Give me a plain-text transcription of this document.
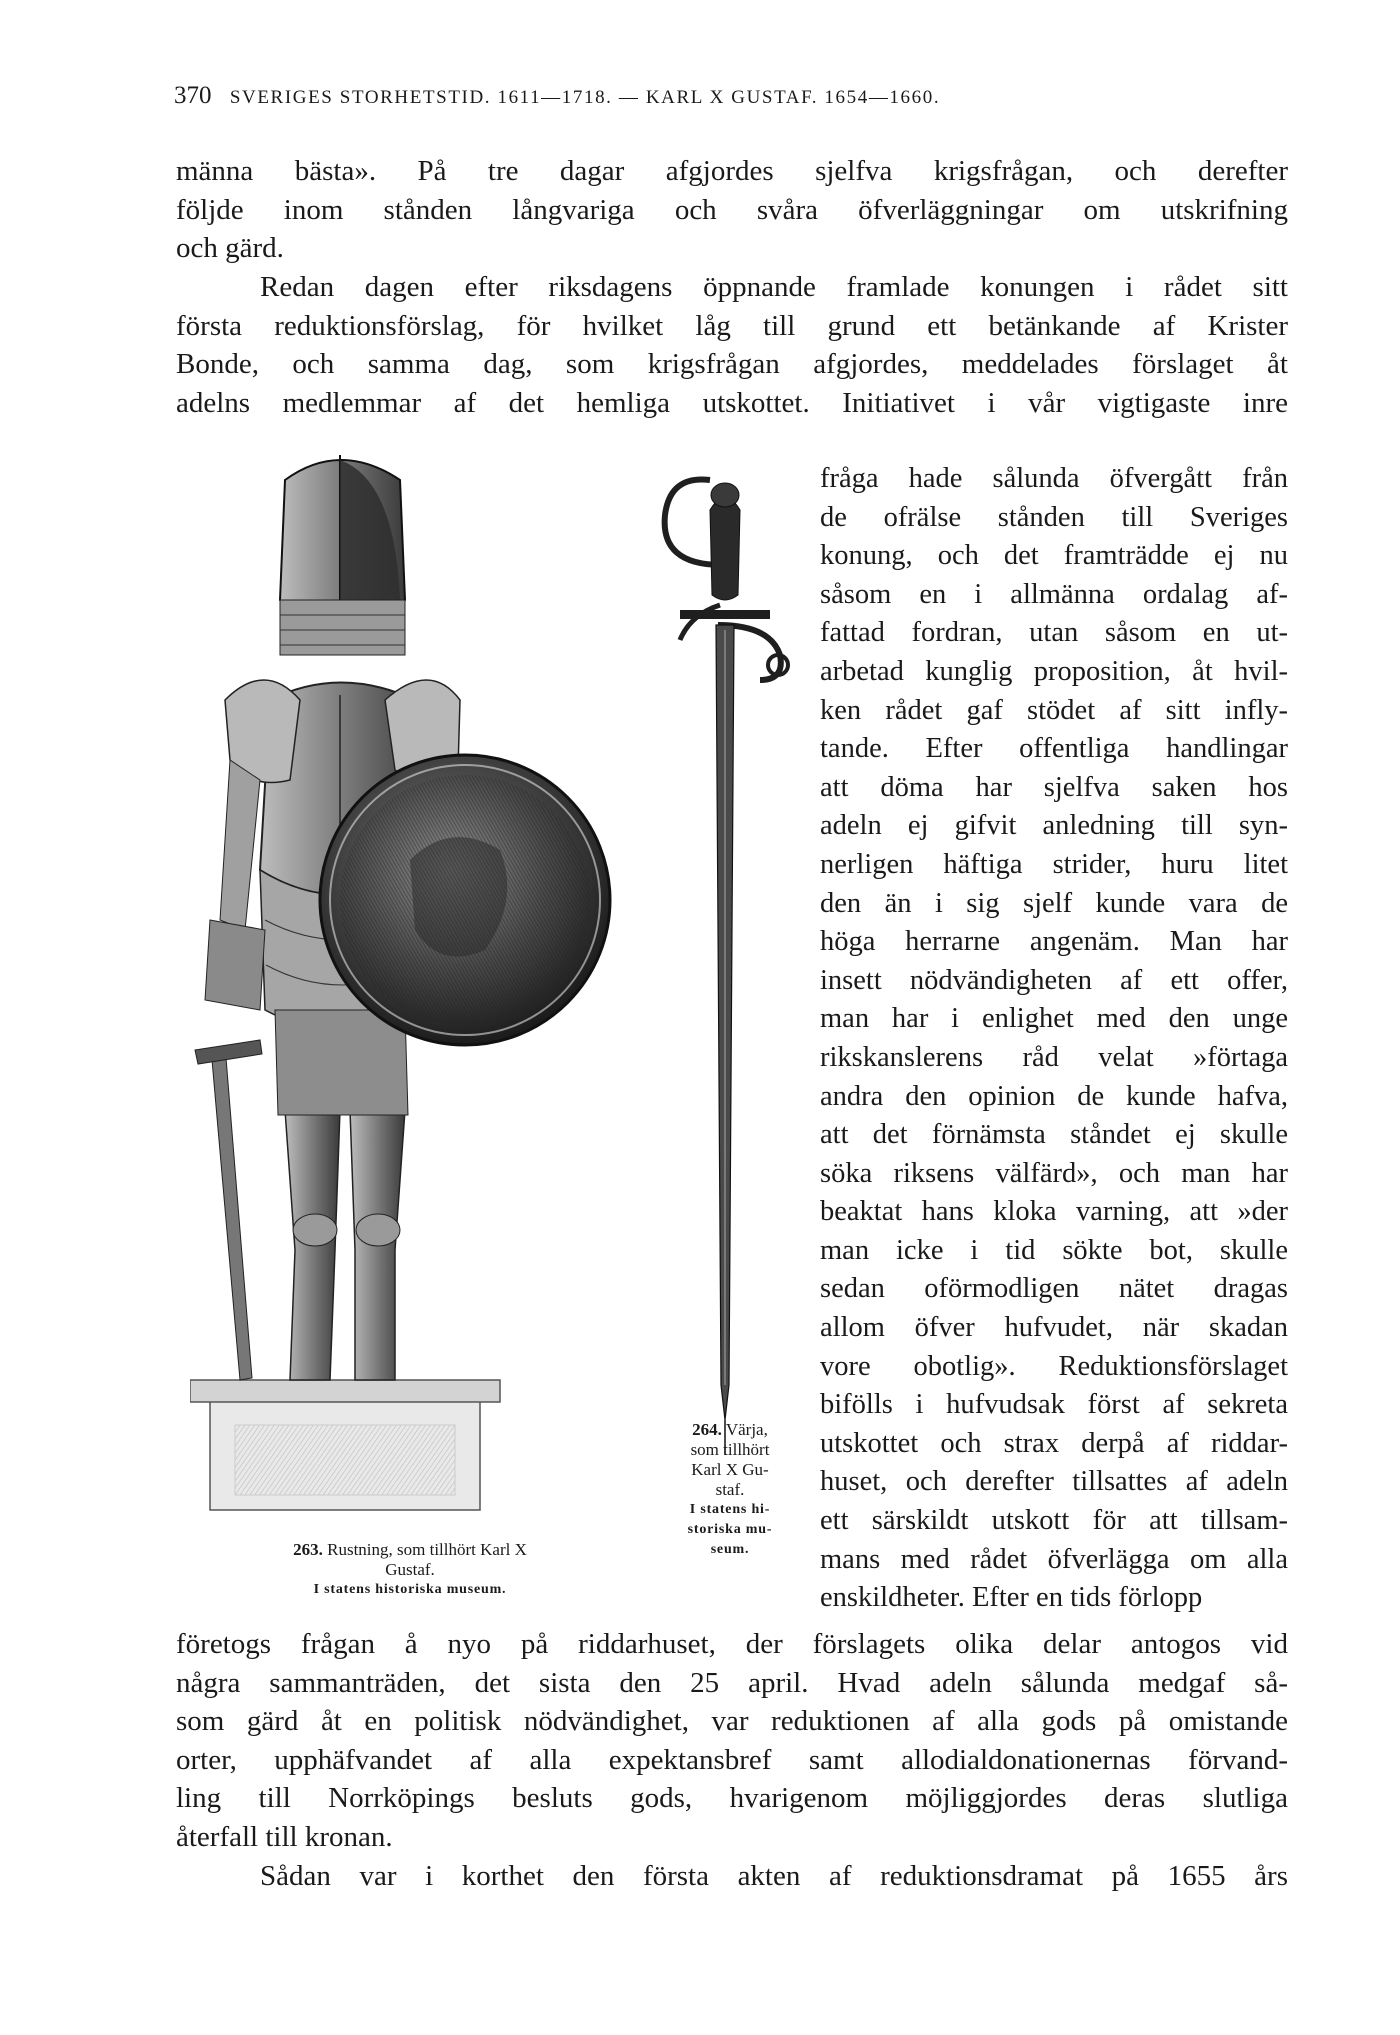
370 SVERIGES STORHETSTID. 1611—1718. — KARL X GUSTAF. 1654—1660.
männa bästa». På tre dagar afgjordes sjelfva krigsfrågan, och derefter
följde inom stånden långvariga och svåra öfverläggningar om utskrifning
och gärd.
Redan dagen efter riksdagens öppnande framlade konungen i rådet sitt
första reduktionsförslag, för hvilket låg till grund ett betänkande af Krister
Bonde, och samma dag, som krigsfrågan afgjordes, meddelades förslaget åt
adelns medlemmar af det hemliga utskottet. Initiativet i vår vigtigaste inre
fråga hade sålunda öfvergått från
de ofrälse stånden till Sveriges
konung, och det framträdde ej nu
såsom en i allmänna ordalag af-
fattad fordran, utan såsom en ut-
arbetad kunglig proposition, åt hvil-
ken rådet gaf stödet af sitt infly-
tande. Efter offentliga handlingar
att döma har sjelfva saken hos
adeln ej gifvit anledning till syn-
nerligen häftiga strider, huru litet
den än i sig sjelf kunde vara de
höga herrarne angenäm. Man har
insett nödvändigheten af ett offer,
man har i enlighet med den unge
rikskanslerens råd velat »förtaga
andra den opinion de kunde hafva,
att det förnämsta ståndet ej skulle
söka riksens välfärd», och man har
beaktat hans kloka varning, att »der
man icke i tid sökte bot, skulle
sedan oförmodligen nätet dragas
allom öfver hufvudet, när skadan
vore obotlig». Reduktionsförslaget
bifölls i hufvudsak först af sekreta
utskottet och strax derpå af riddar-
huset, och derefter tillsattes af adeln
ett särskildt utskott för att tillsam-
mans med rådet öfverlägga om alla
enskildheter. Efter en tids förlopp
263. Rustning, som tillhört Karl X
Gustaf.
I statens historiska museum.
264. Värja,
som tillhört
Karl X Gu-
staf.
I statens hi-
storiska mu-
seum.
företogs frågan å nyo på riddarhuset, der förslagets olika delar antogos vid
några sammanträden, det sista den 25 april. Hvad adeln sålunda medgaf så-
som gärd åt en politisk nödvändighet, var reduktionen af alla gods på omistande
orter, upphäfvandet af alla expektansbref samt allodialdonationernas förvand-
ling till Norrköpings besluts gods, hvarigenom möjliggjordes deras slutliga
återfall till kronan.
Sådan var i korthet den första akten af reduktionsdramat på 1655 års
